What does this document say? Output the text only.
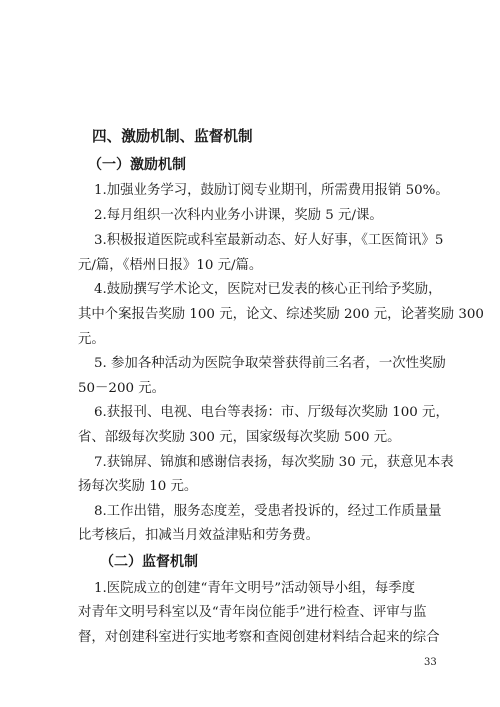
四、激励机制、监督机制
（一）激励机制
1.加强业务学习，鼓励订阅专业期刊，所需费用报销 50%。
2.每月组织一次科内业务小讲课，奖励 5 元/课。
3.积极报道医院或科室最新动态、好人好事，《工医简讯》5
元/篇，《梧州日报》10 元/篇。
4.鼓励撰写学术论文，医院对已发表的核心正刊给予奖励，
其中个案报告奖励 100 元，论文、综述奖励 200 元，论著奖励 300
元。
5. 参加各种活动为医院争取荣誉获得前三名者，一次性奖励
50－200 元。
6.获报刊、电视、电台等表扬：市、厅级每次奖励 100 元，
省、部级每次奖励 300 元，国家级每次奖励 500 元。
7.获锦屏、锦旗和感谢信表扬，每次奖励 30 元，获意见本表
扬每次奖励 10 元。
8.工作出错，服务态度差，受患者投诉的，经过工作质量量
比考核后，扣减当月效益津贴和劳务费。
（二）监督机制
1.医院成立的创建“青年文明号”活动领导小组，每季度
对青年文明号科室以及“青年岗位能手”进行检查、评审与监
督，对创建科室进行实地考察和查阅创建材料结合起来的综合
33
